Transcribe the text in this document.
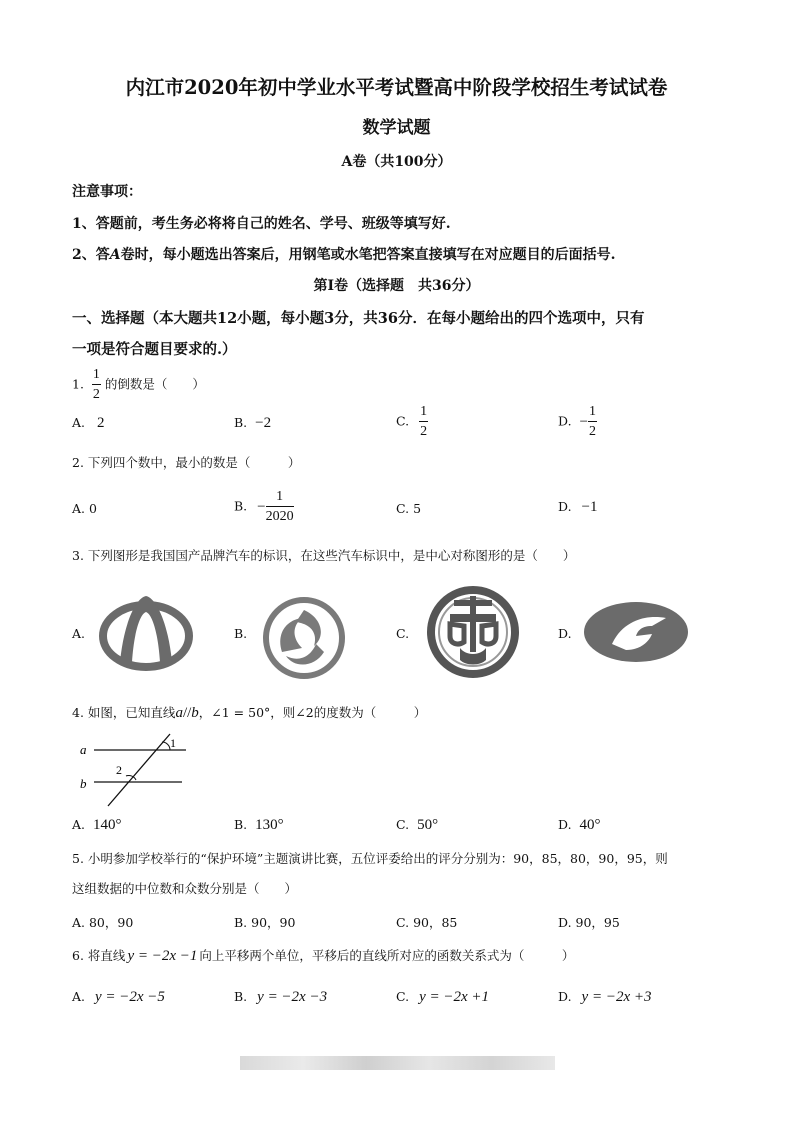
内江市2020年初中学业水平考试暨高中阶段学校招生考试试卷
数学试题
A卷（共100分）
注意事项：
1、答题前，考生务必将将自己的姓名、学号、班级等填写好.
2、答A卷时，每小题选出答案后，用钢笔或水笔把答案直接填写在对应题目的后面括号.
第Ⅰ卷（选择题　共36分）
一、选择题（本大题共12小题，每小题3分，共36分．在每小题给出的四个选项中，只有
一项是符合题目要求的.）
1. $\frac{1}{2}$ 的倒数是（　　）
A. 2	B. −2	C. $\frac{1}{2}$	D. − $\frac{1}{2}$
2. 下列四个数中，最小的数是（　　　）
A. 0	B. − $\frac{1}{2020}$	C. 5	D. −1
3. 下列图形是我国国产品牌汽车的标识，在这些汽车标识中，是中心对称图形的是（　　）
A.	B.	C.	D.
4. 如图，已知直线a//b，∠1 = 50°，则∠2的度数为（　　　）
a
b
1
2
A. 140°	B. 130°	C. 50°	D. 40°
5. 小明参加学校举行的“保护环境”主题演讲比赛，五位评委给出的评分分别为：90，85，80，90，95，则
这组数据的中位数和众数分别是（　　）
A. 80，90	B. 90，90	C. 90，85	D. 90，95
6. 将直线 y = −2x −1 向上平移两个单位，平移后的直线所对应的函数关系式为（　　　）
A. y = −2x −5	B. y = −2x −3	C. y = −2x +1	D. y = −2x +3
